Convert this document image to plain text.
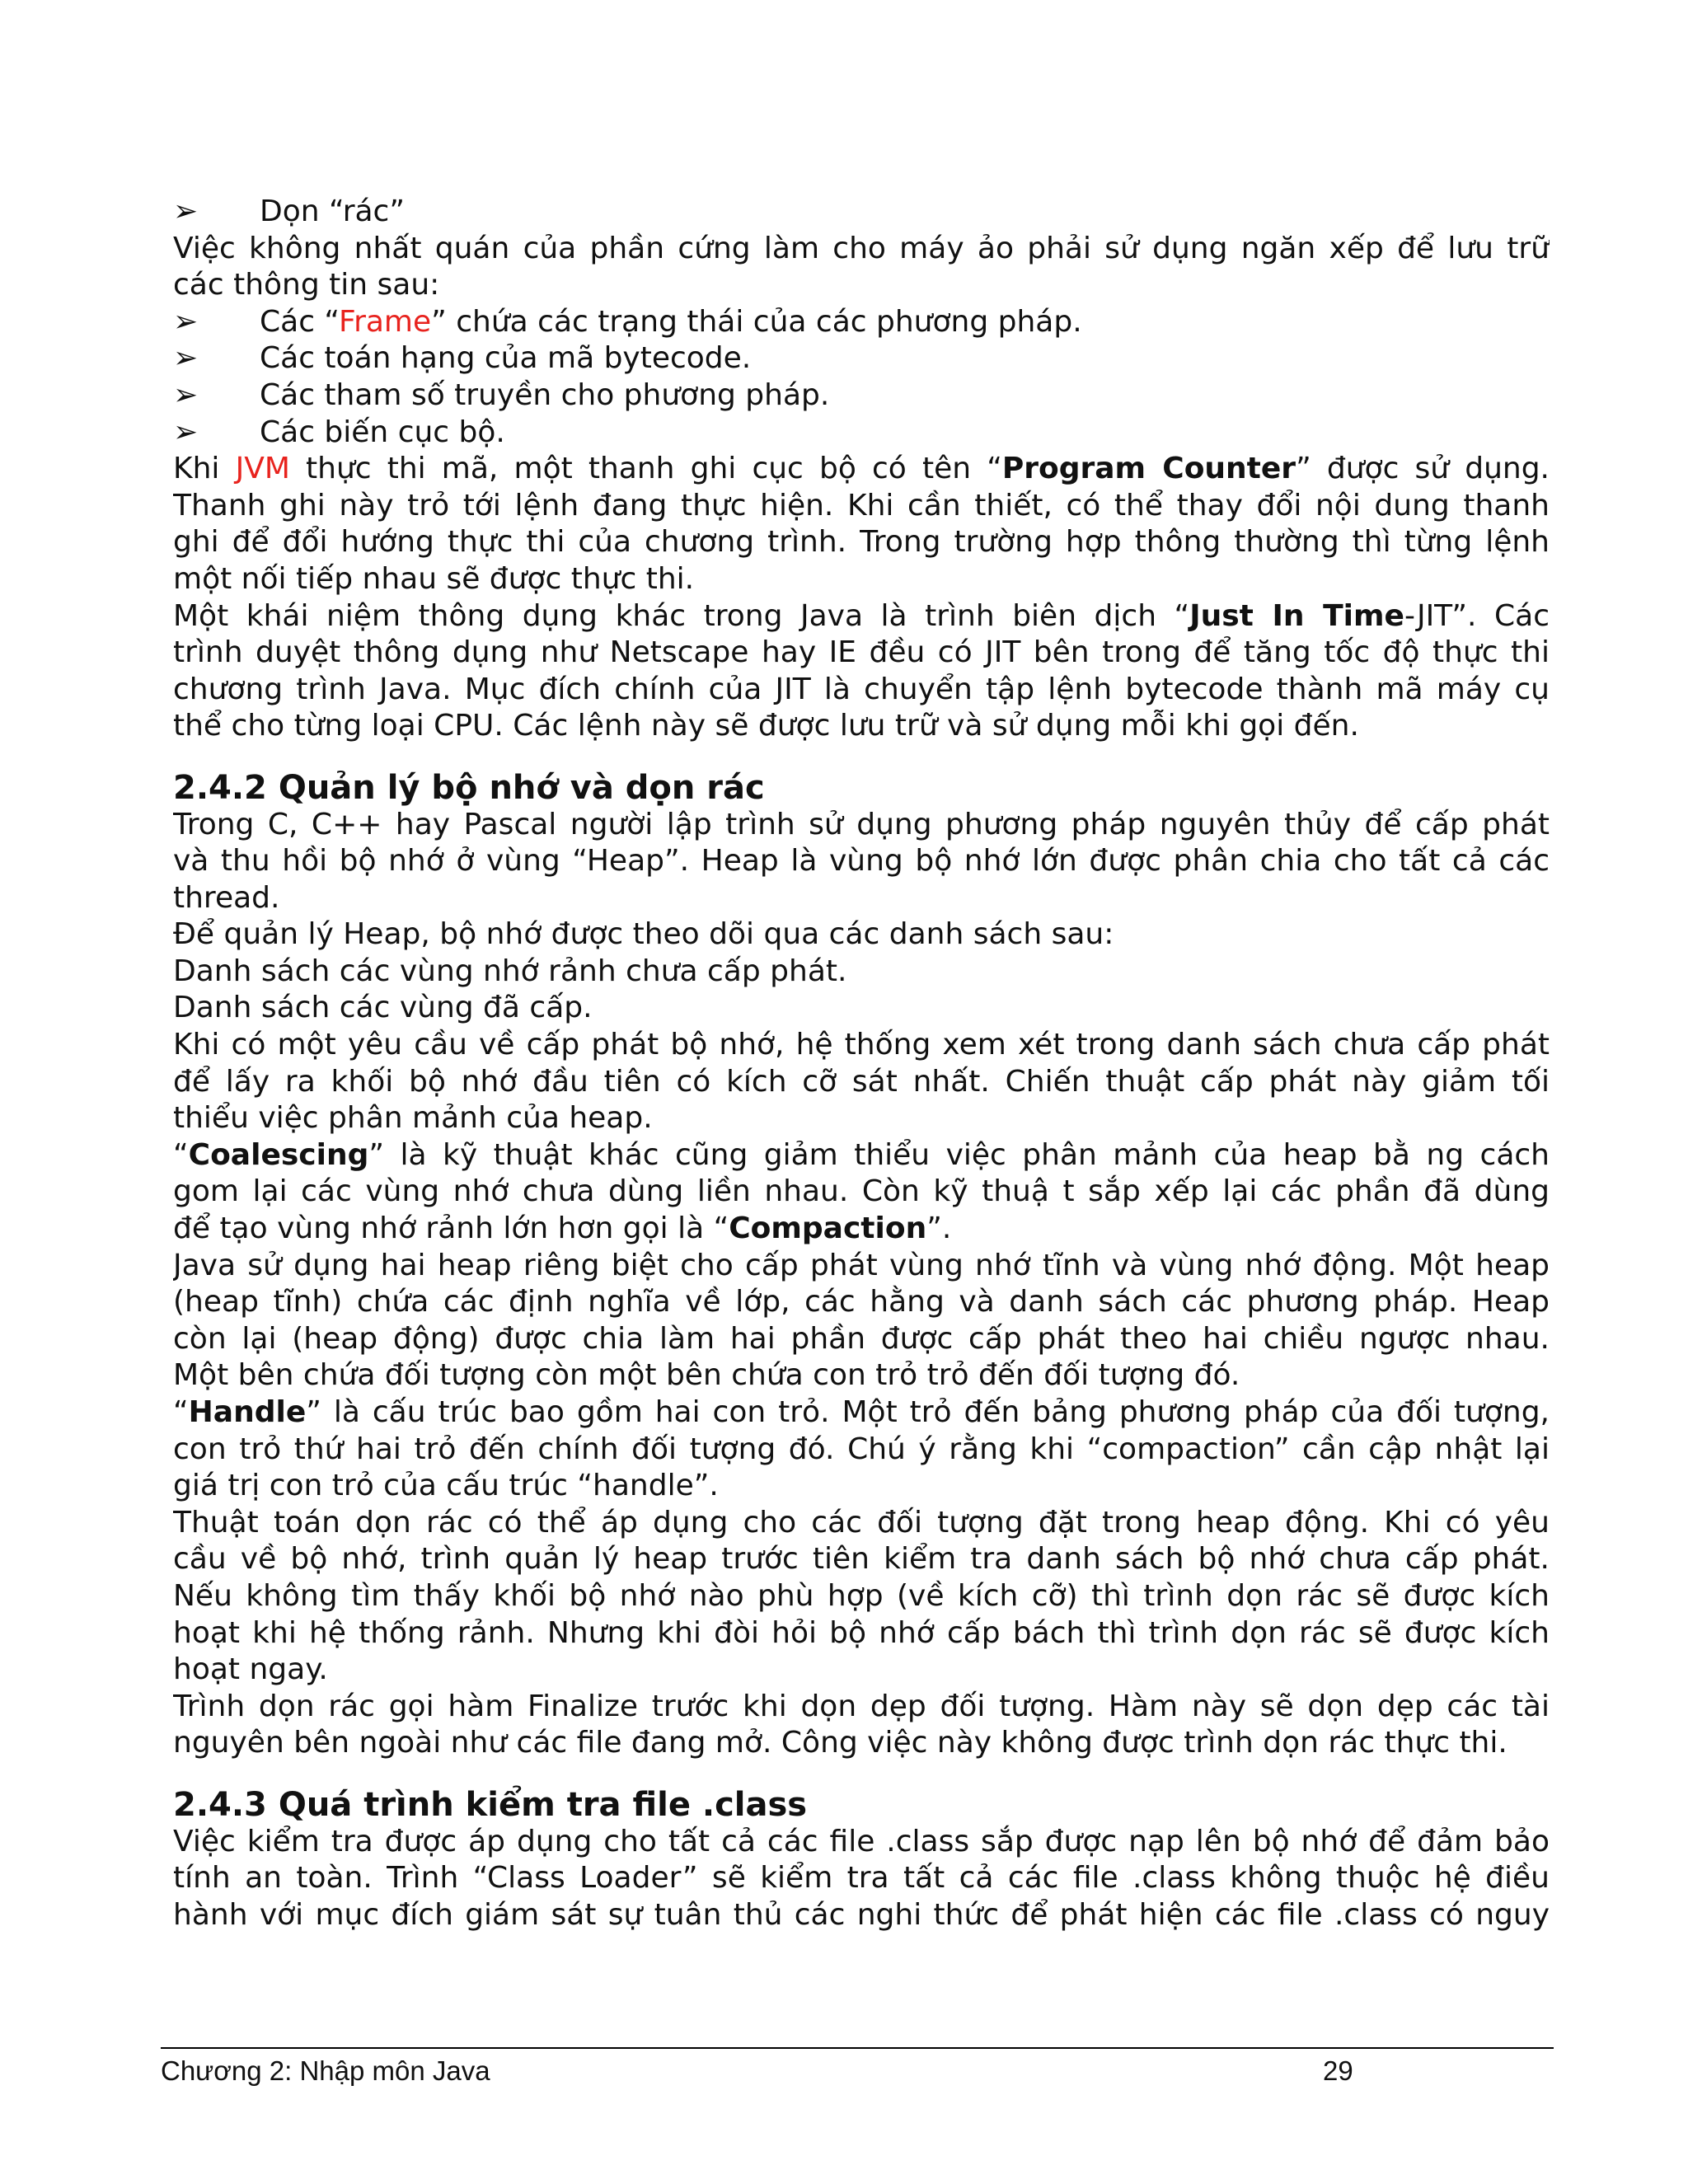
➢ Dọn “rác”
Việc không nhất quán của phần cứng làm cho máy ảo phải sử dụng ngăn xếp để lưu trữ
các thông tin sau:
➢ Các “Frame” chứa các trạng thái của các phương pháp.
➢ Các toán hạng của mã bytecode.
➢ Các tham số truyền cho phương pháp.
➢ Các biến cục bộ.
Khi JVM thực thi mã, một thanh ghi cục bộ có tên “Program Counter” được sử dụng.
Thanh ghi này trỏ tới lệnh đang thực hiện. Khi cần thiết, có thể thay đổi nội dung thanh
ghi để đổi hướng thực thi của chương trình. Trong trường hợp thông thường thì từng lệnh
một nối tiếp nhau sẽ được thực thi.
Một khái niệm thông dụng khác trong Java là trình biên dịch “Just In Time-JIT”. Các
trình duyệt thông dụng như Netscape hay IE đều có JIT bên trong để tăng tốc độ thực thi
chương trình Java. Mục đích chính của JIT là chuyển tập lệnh bytecode thành mã máy cụ
thể cho từng loại CPU. Các lệnh này sẽ được lưu trữ và sử dụng mỗi khi gọi đến.
2.4.2 Quản lý bộ nhớ và dọn rác
Trong C, C++ hay Pascal người lập trình sử dụng phương pháp nguyên thủy để cấp phát
và thu hồi bộ nhớ ở vùng “Heap”. Heap là vùng bộ nhớ lớn được phân chia cho tất cả các
thread.
Để quản lý Heap, bộ nhớ được theo dõi qua các danh sách sau:
Danh sách các vùng nhớ rảnh chưa cấp phát.
Danh sách các vùng đã cấp.
Khi có một yêu cầu về cấp phát bộ nhớ, hệ thống xem xét trong danh sách chưa cấp phát
để lấy ra khối bộ nhớ đầu tiên có kích cỡ sát nhất. Chiến thuật cấp phát này giảm tối
thiểu việc phân mảnh của heap.
“Coalescing” là kỹ thuật khác cũng giảm thiểu việc phân mảnh của heap bằ ng cách
gom lại các vùng nhớ chưa dùng liền nhau. Còn kỹ thuậ t sắp xếp lại các phần đã dùng
để tạo vùng nhớ rảnh lớn hơn gọi là “Compaction”.
Java sử dụng hai heap riêng biệt cho cấp phát vùng nhớ tĩnh và vùng nhớ động. Một heap
(heap tĩnh) chứa các định nghĩa về lớp, các hằng và danh sách các phương pháp. Heap
còn lại (heap động) được chia làm hai phần được cấp phát theo hai chiều ngược nhau.
Một bên chứa đối tượng còn một bên chứa con trỏ trỏ đến đối tượng đó.
“Handle” là cấu trúc bao gồm hai con trỏ. Một trỏ đến bảng phương pháp của đối tượng,
con trỏ thứ hai trỏ đến chính đối tượng đó. Chú ý rằng khi “compaction” cần cập nhật lại
giá trị con trỏ của cấu trúc “handle”.
Thuật toán dọn rác có thể áp dụng cho các đối tượng đặt trong heap động. Khi có yêu
cầu về bộ nhớ, trình quản lý heap trước tiên kiểm tra danh sách bộ nhớ chưa cấp phát.
Nếu không tìm thấy khối bộ nhớ nào phù hợp (về kích cỡ) thì trình dọn rác sẽ được kích
hoạt khi hệ thống rảnh. Nhưng khi đòi hỏi bộ nhớ cấp bách thì trình dọn rác sẽ được kích
hoạt ngay.
Trình dọn rác gọi hàm Finalize trước khi dọn dẹp đối tượng. Hàm này sẽ dọn dẹp các tài
nguyên bên ngoài như các file đang mở. Công việc này không được trình dọn rác thực thi.
2.4.3 Quá trình kiểm tra file .class
Việc kiểm tra được áp dụng cho tất cả các file .class sắp được nạp lên bộ nhớ để đảm bảo
tính an toàn. Trình “Class Loader” sẽ kiểm tra tất cả các file .class không thuộc hệ điều
hành với mục đích giám sát sự tuân thủ các nghi thức để phát hiện các file .class có nguy
Chương 2: Nhập môn Java	29
